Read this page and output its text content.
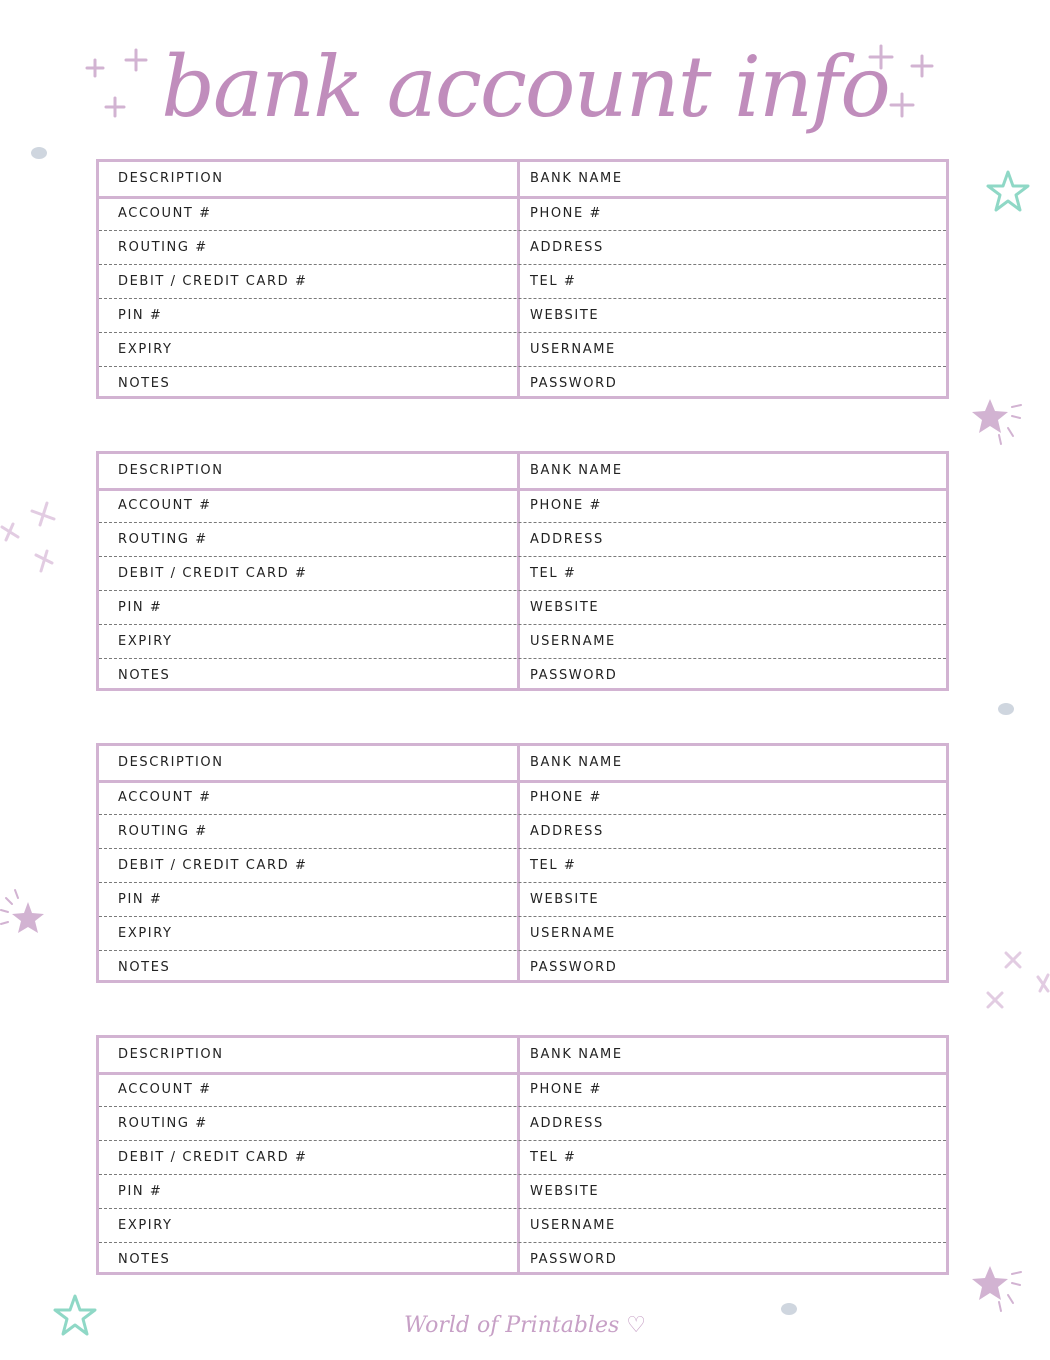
bank account info
DESCRIPTION	BANK NAME
ACCOUNT #	PHONE #
ROUTING #	ADDRESS
DEBIT / CREDIT CARD #	TEL #
PIN #	WEBSITE
EXPIRY	USERNAME
NOTES	PASSWORD
DESCRIPTION	BANK NAME
ACCOUNT #	PHONE #
ROUTING #	ADDRESS
DEBIT / CREDIT CARD #	TEL #
PIN #	WEBSITE
EXPIRY	USERNAME
NOTES	PASSWORD
DESCRIPTION	BANK NAME
ACCOUNT #	PHONE #
ROUTING #	ADDRESS
DEBIT / CREDIT CARD #	TEL #
PIN #	WEBSITE
EXPIRY	USERNAME
NOTES	PASSWORD
DESCRIPTION	BANK NAME
ACCOUNT #	PHONE #
ROUTING #	ADDRESS
DEBIT / CREDIT CARD #	TEL #
PIN #	WEBSITE
EXPIRY	USERNAME
NOTES	PASSWORD
World of Printables ♡
